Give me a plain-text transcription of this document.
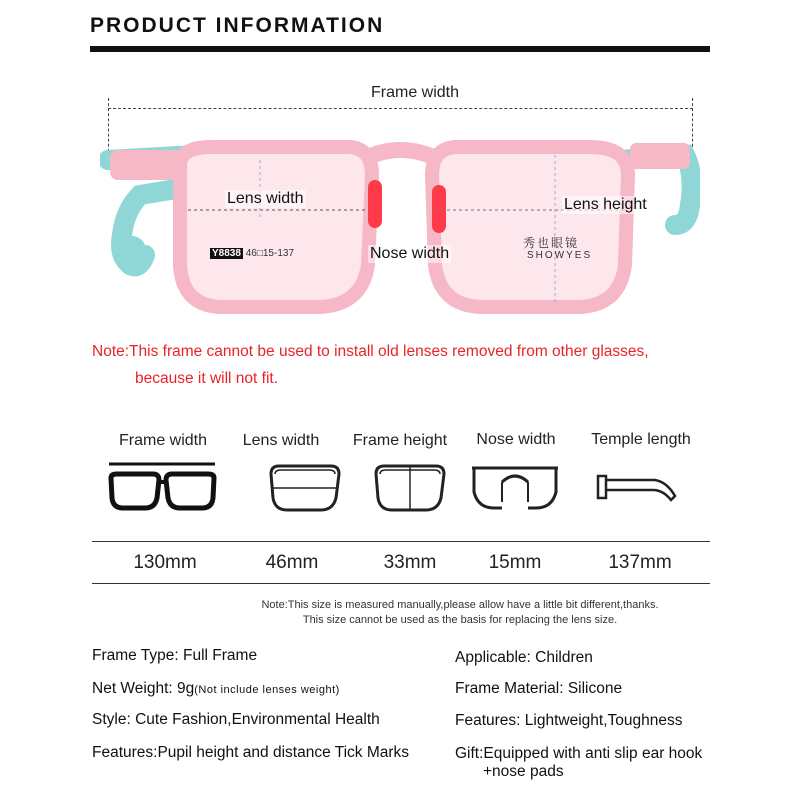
PRODUCT INFORMATION
Frame width
Lens width	Lens height
Nose width
Y8838 46□15-137
秀也眼镜
SHOWYES
Note:This frame cannot be used to install old lenses removed from other glasses,
because it will not fit.
Frame width	Lens width	Frame height	Nose width	Temple length
130mm	46mm	33mm	15mm	137mm
Note:This size is measured manually,please allow have a little bit different,thanks.
This size cannot be used as the basis for replacing the lens size.
Frame Type: Full Frame
Net Weight: 9g(Not include lenses weight)
Style: Cute Fashion,Environmental Health
Features:Pupil height and distance Tick Marks
Applicable: Children
Frame Material: Silicone
Features: Lightweight,Toughness
Gift:Equipped with anti slip ear hook
+nose pads
